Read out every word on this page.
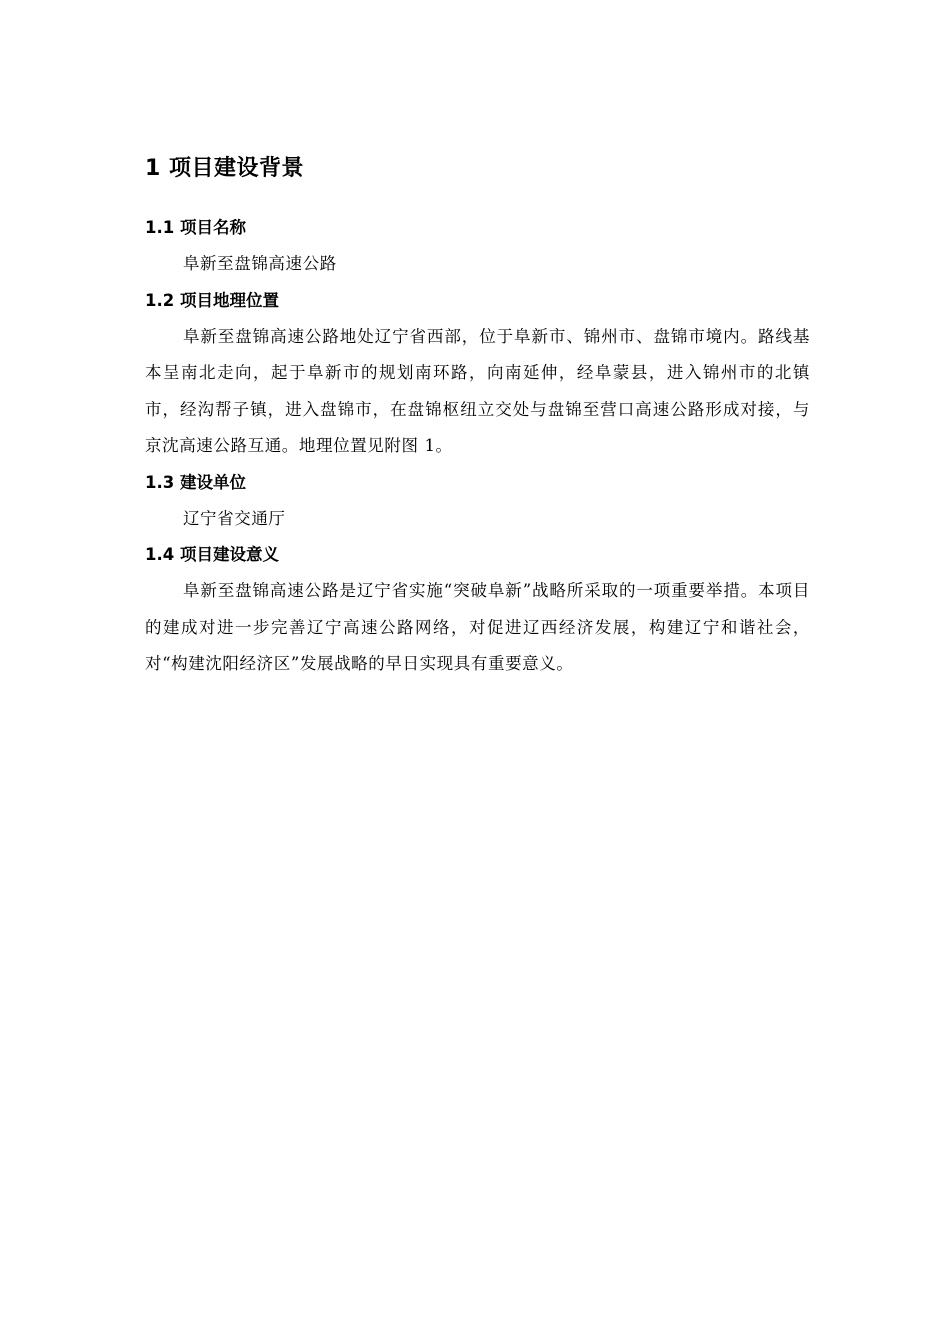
1 项目建设背景
1.1 项目名称

阜新至盘锦高速公路

1.2 项目地理位置

阜新至盘锦高速公路地处辽宁省西部，位于阜新市、锦州市、盘锦市境内。路线基本呈南北走向，起于阜新市的规划南环路，向南延伸，经阜蒙县，进入锦州市的北镇市，经沟帮子镇，进入盘锦市，在盘锦枢纽立交处与盘锦至营口高速公路形成对接，与京沈高速公路互通。地理位置见附图 1。

1.3 建设单位

辽宁省交通厅

1.4 项目建设意义

阜新至盘锦高速公路是辽宁省实施“突破阜新”战略所采取的一项重要举措。本项目的建成对进一步完善辽宁高速公路网络，对促进辽西经济发展，构建辽宁和谐社会，对“构建沈阳经济区”发展战略的早日实现具有重要意义。
